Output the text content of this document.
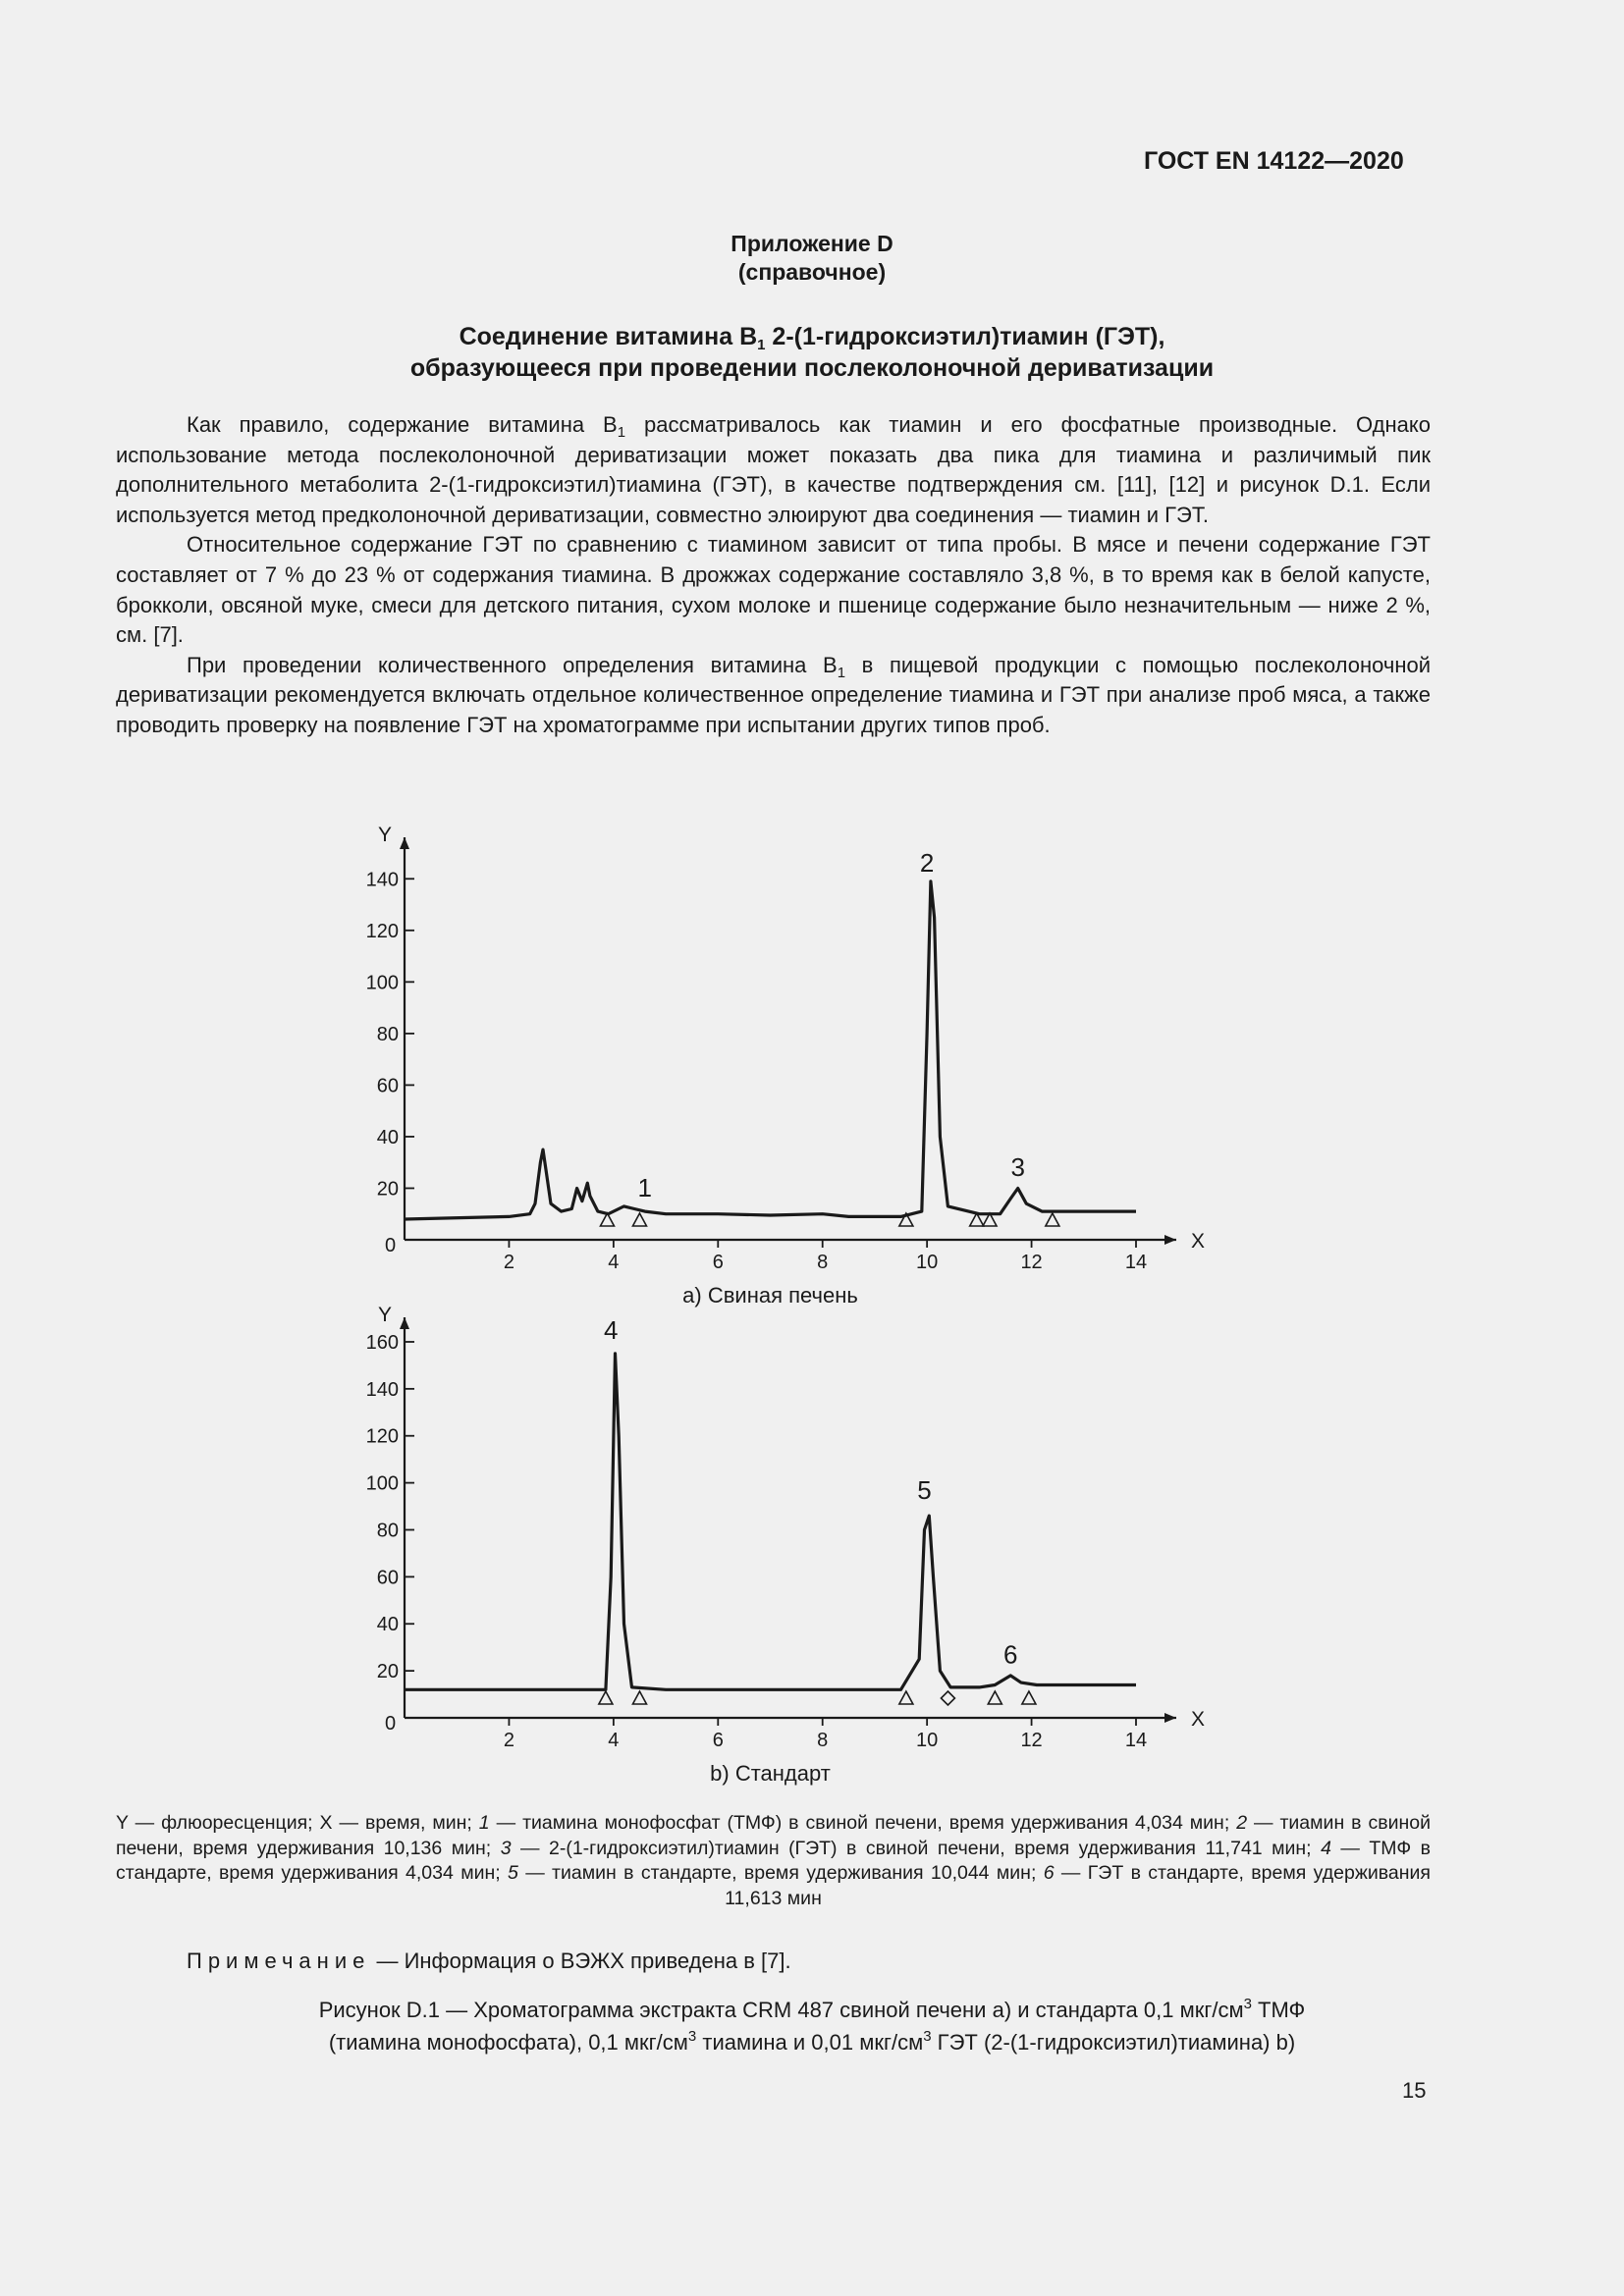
ГОСТ EN 14122—2020
Приложение D
(справочное)
Соединение витамина $B_1$ 2-(1-гидроксиэтил)тиамин (ГЭТ),
образующееся при проведении послеколоночной дериватизации

Как правило, содержание витамина $B_1$ рассматривалось как тиамин и его фосфатные производные. Однако использование метода послеколоночной дериватизации может показать два пика для тиамина и различимый пик дополнительного метаболита 2-(1-гидроксиэтил)тиамина (ГЭТ), в качестве подтверждения см. [11], [12] и рисунок D.1. Если используется метод предколоночной дериватизации, совместно элюируют два соединения — тиамин и ГЭТ.

Относительное содержание ГЭТ по сравнению с тиамином зависит от типа пробы. В мясе и печени содержание ГЭТ составляет от 7 % до 23 % от содержания тиамина. В дрожжах содержание составляло 3,8 %, в то время как в белой капусте, брокколи, овсяной муке, смеси для детского питания, сухом молоке и пшенице содержание было незначительным — ниже 2 %, см. [7].

При проведении количественного определения витамина $B_1$ в пищевой продукции с помощью послеколоночной дериватизации рекомендуется включать отдельное количественное определение тиамина и ГЭТ при анализе проб мяса, а также проводить проверку на появление ГЭТ на хроматограмме при испытании других типов проб.

X
Y
0
2	4	6	8	10	12	14
20
40
60
80
100
120
140
1
2
3
а) Свиная печень
X
Y
0
2	4	6	8	10	12	14
20
40
60
80
100
120
140
160	4
5
6
b) Стандарт
Y — флюоресценция; X — время, мин; 1 — тиамина монофосфат (ТМФ) в свиной печени, время удерживания 4,034 мин; 2 — тиамин в свиной печени, время удерживания 10,136 мин; 3 — 2-(1-гидроксиэтил)тиамин (ГЭТ) в свиной печени, время удерживания 11,741 мин; 4 — ТМФ в стандарте, время удерживания 4,034 мин; 5 — тиамин в стандарте, время удерживания 10,044 мин; 6 — ГЭТ в стандарте, время удерживания 11,613 мин
Примечание — Информация о ВЭЖХ приведена в [7].
Рисунок D.1 — Хроматограмма экстракта CRM 487 свиной печени а) и стандарта 0,1 мкг/$см^3$ ТМФ
(тиамина монофосфата), 0,1 мкг/$см^3$ тиамина и 0,01 мкг/$см^3$ ГЭТ (2-(1-гидроксиэтил)тиамина) b)
15
